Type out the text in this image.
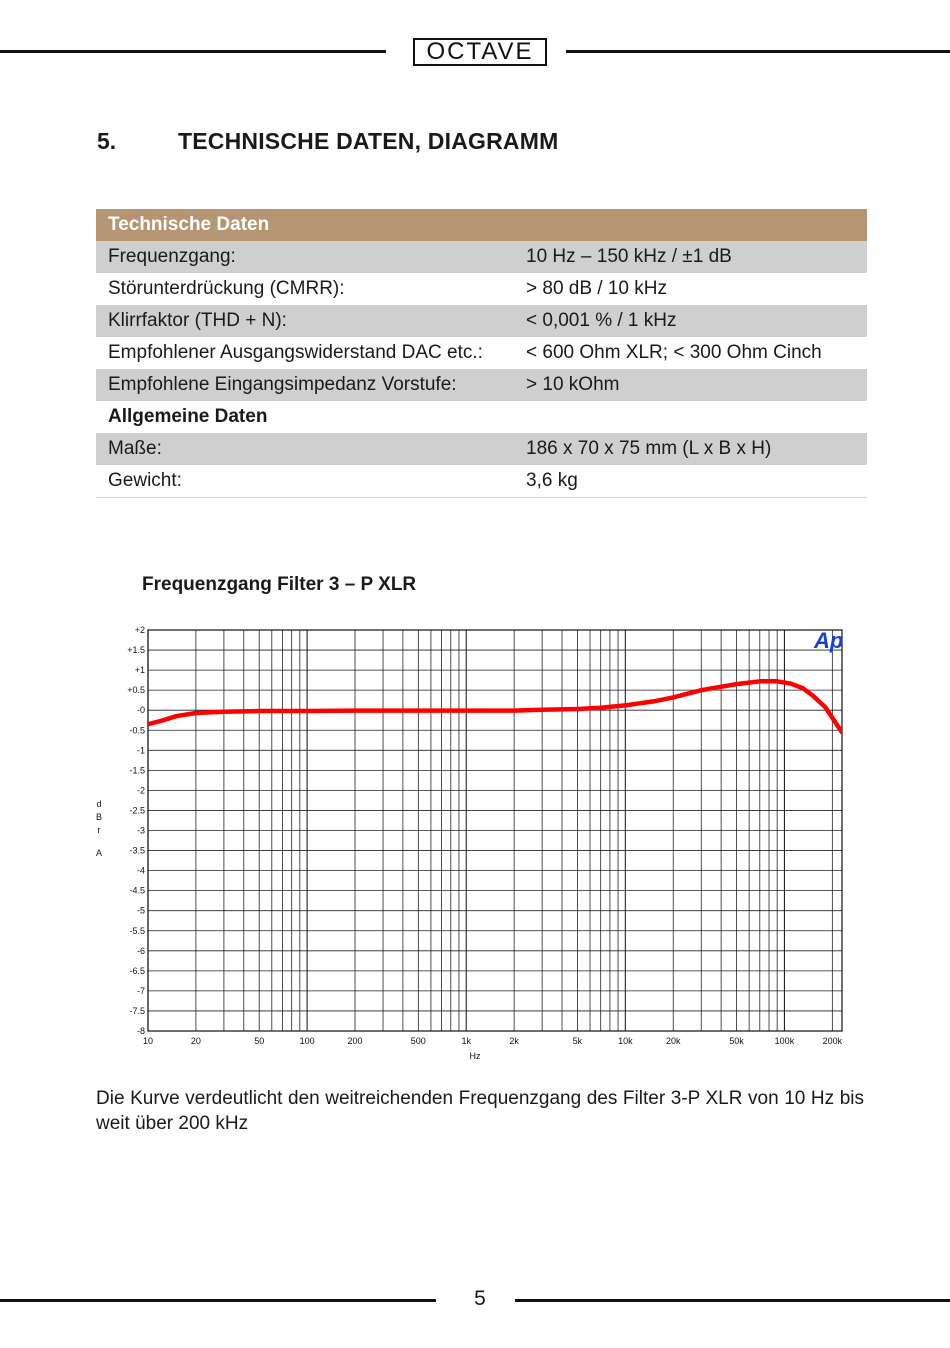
OCTAVE
5.	TECHNISCHE DATEN, DIAGRAMM
Technische Daten	
Frequenzgang:	10 Hz – 150 kHz / ±1 dB
Störunterdrückung (CMRR):	> 80 dB / 10 kHz
Klirrfaktor (THD + N):	< 0,001 % / 1 kHz
Empfohlener Ausgangswiderstand DAC etc.:	< 600 Ohm XLR; < 300 Ohm Cinch
Empfohlene Eingangsimpedanz Vorstufe:	> 10 kOhm
Allgemeine Daten	
Maße:	186 x 70 x 75 mm (L x B x H)
Gewicht:	3,6 kg
Frequenzgang Filter 3 – P XLR
+2
+1.5
+1
+0.5
-0
-0.5
-1
-1.5
-2
-2.5
-3
-3.5
-4
-4.5
-5
-5.5
-6
-6.5
-7
-7.5
-8
10	20	50	100	200	500	1k	2k	5k	10k	20k	50k	100k	200k
d
B
r
A
Hz
Ap
Die Kurve verdeutlicht den weitreichenden Frequenzgang des Filter 3-P XLR von 10 Hz bis weit über 200 kHz
5
